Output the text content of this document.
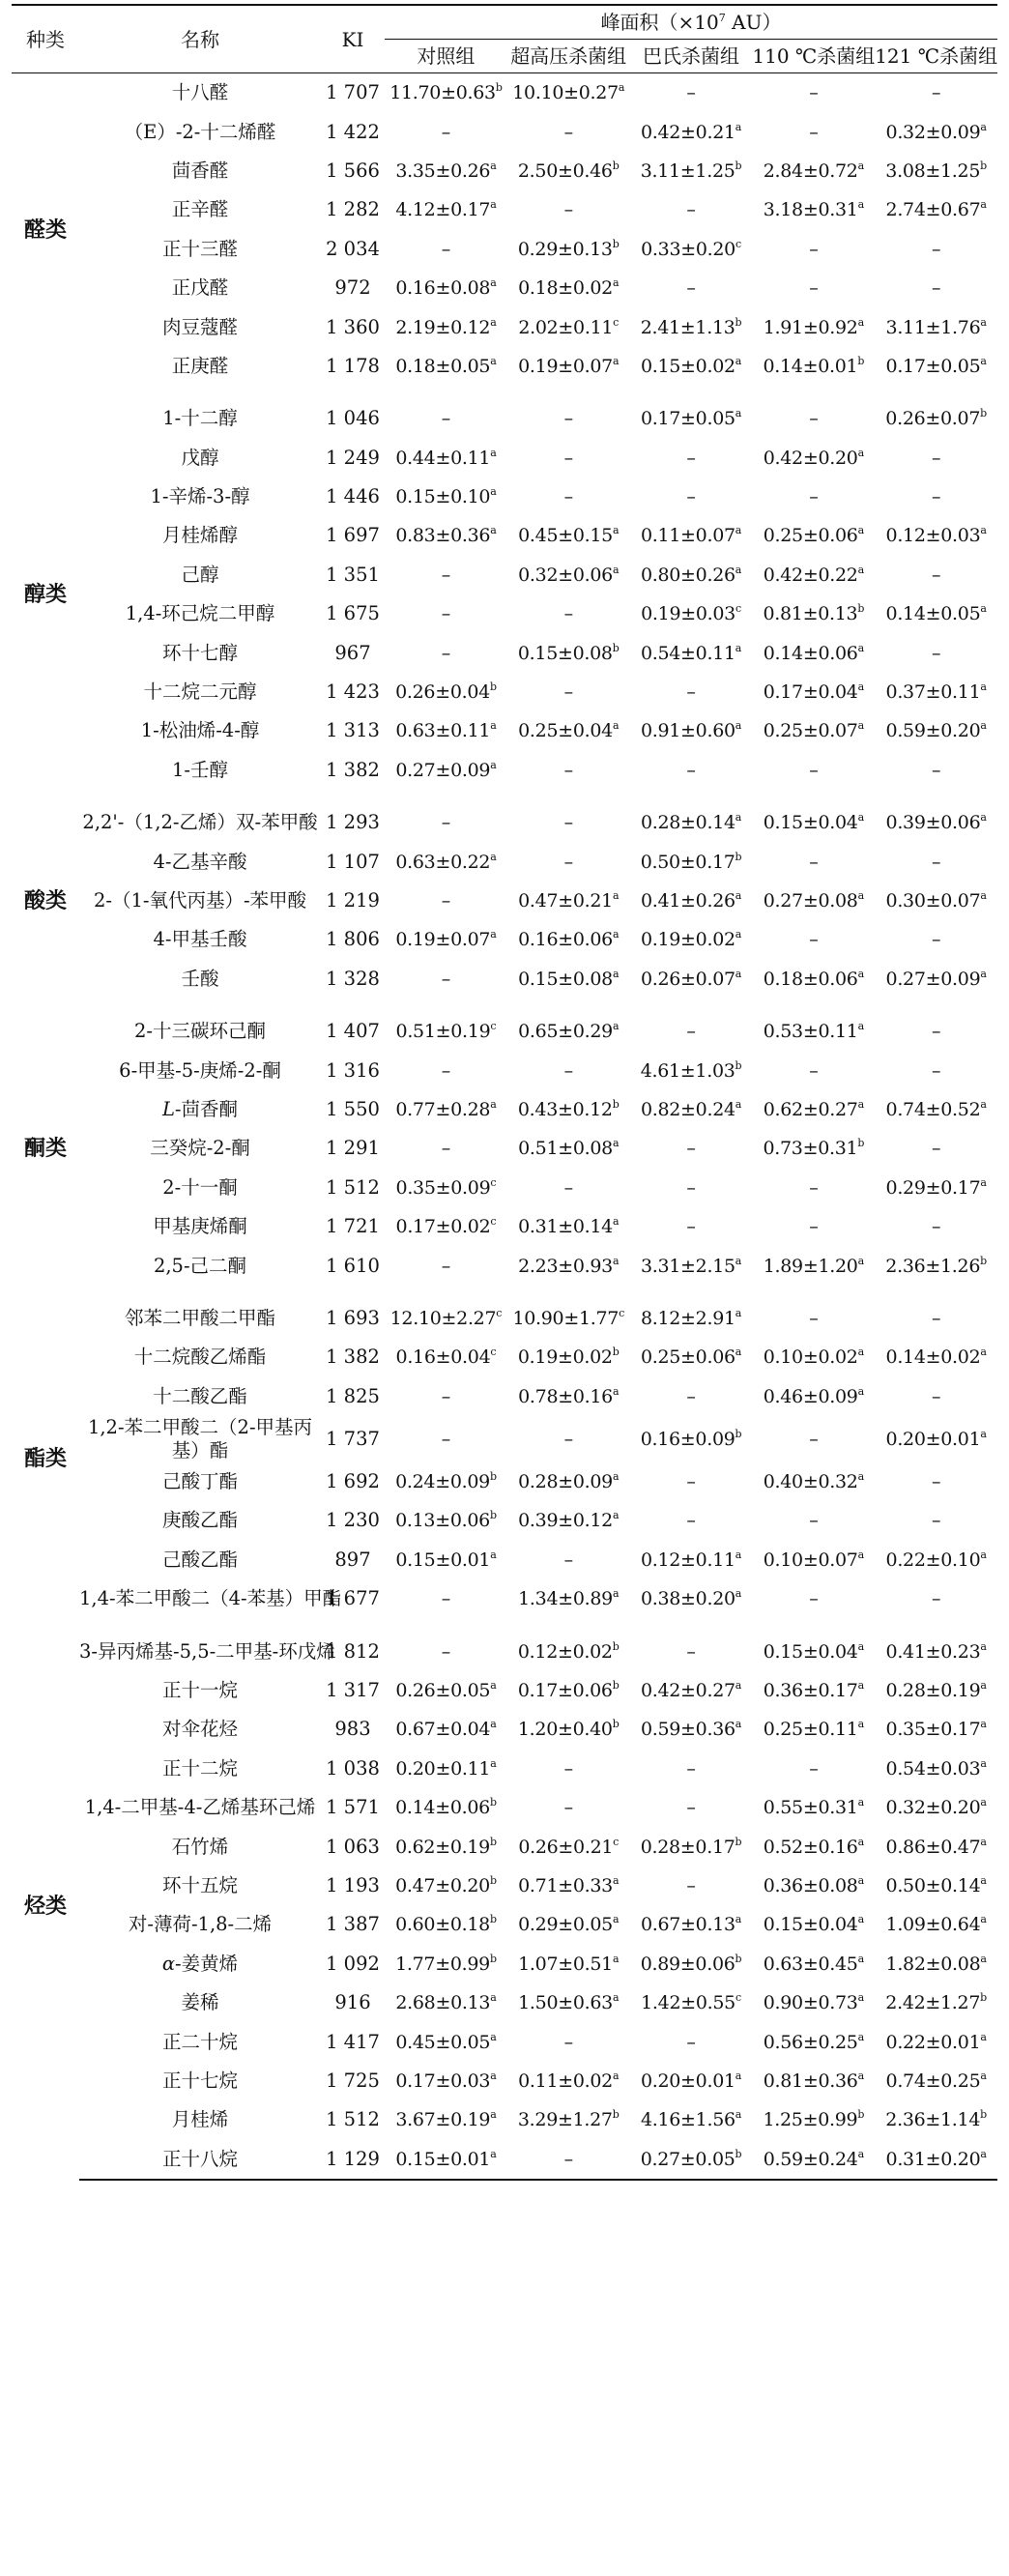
种类	名称	KI	峰面积（$\times 10^7$ AU）				
			对照组	超高压杀菌组	巴氏杀菌组	110 ℃杀菌组	121 ℃杀菌组
醛类	十八醛	1 707	11.70±0.63$^b$	10.10±0.27$^a$	–	–	–
	（E）-2-十二烯醛	1 422	–	–	0.42±0.21$^a$	–	0.32±0.09$^a$
	茴香醛	1 566	3.35±0.26$^a$	2.50±0.46$^b$	3.11±1.25$^b$	2.84±0.72$^a$	3.08±1.25$^b$
	正辛醛	1 282	4.12±0.17$^a$	–	–	3.18±0.31$^a$	2.74±0.67$^a$
	正十三醛	2 034	–	0.29±0.13$^b$	0.33±0.20$^c$	–	–
	正戊醛	972	0.16±0.08$^a$	0.18±0.02$^a$	–	–	–
	肉豆蔻醛	1 360	2.19±0.12$^a$	2.02±0.11$^c$	2.41±1.13$^b$	1.91±0.92$^a$	3.11±1.76$^a$
	正庚醛	1 178	0.18±0.05$^a$	0.19±0.07$^a$	0.15±0.02$^a$	0.14±0.01$^b$	0.17±0.05$^a$
醇类	1-十二醇	1 046	–	–	0.17±0.05$^a$	–	0.26±0.07$^b$
	戊醇	1 249	0.44±0.11$^a$	–	–	0.42±0.20$^a$	–
	1-辛烯-3-醇	1 446	0.15±0.10$^a$	–	–	–	–
	月桂烯醇	1 697	0.83±0.36$^a$	0.45±0.15$^a$	0.11±0.07$^a$	0.25±0.06$^a$	0.12±0.03$^a$
	己醇	1 351	–	0.32±0.06$^a$	0.80±0.26$^a$	0.42±0.22$^a$	–
	1,4-环己烷二甲醇	1 675	–	–	0.19±0.03$^c$	0.81±0.13$^b$	0.14±0.05$^a$
	环十七醇	967	–	0.15±0.08$^b$	0.54±0.11$^a$	0.14±0.06$^a$	–
	十二烷二元醇	1 423	0.26±0.04$^b$	–	–	0.17±0.04$^a$	0.37±0.11$^a$
	1-松油烯-4-醇	1 313	0.63±0.11$^a$	0.25±0.04$^a$	0.91±0.60$^a$	0.25±0.07$^a$	0.59±0.20$^a$
	1-壬醇	1 382	0.27±0.09$^a$	–	–	–	–
酸类	2,2'-（1,2-乙烯）双-苯甲酸	1 293	–	–	0.28±0.14$^a$	0.15±0.04$^a$	0.39±0.06$^a$
	4-乙基辛酸	1 107	0.63±0.22$^a$	–	0.50±0.17$^b$	–	–
	2-（1-氧代丙基）-苯甲酸	1 219	–	0.47±0.21$^a$	0.41±0.26$^a$	0.27±0.08$^a$	0.30±0.07$^a$
	4-甲基壬酸	1 806	0.19±0.07$^a$	0.16±0.06$^a$	0.19±0.02$^a$	–	–
	壬酸	1 328	–	0.15±0.08$^a$	0.26±0.07$^a$	0.18±0.06$^a$	0.27±0.09$^a$
酮类	2-十三碳环己酮	1 407	0.51±0.19$^c$	0.65±0.29$^a$	–	0.53±0.11$^a$	–
	6-甲基-5-庚烯-2-酮	1 316	–	–	4.61±1.03$^b$	–	–
	L-茴香酮	1 550	0.77±0.28$^a$	0.43±0.12$^b$	0.82±0.24$^a$	0.62±0.27$^a$	0.74±0.52$^a$
	三癸烷-2-酮	1 291	–	0.51±0.08$^a$	–	0.73±0.31$^b$	–
	2-十一酮	1 512	0.35±0.09$^c$	–	–	–	0.29±0.17$^a$
	甲基庚烯酮	1 721	0.17±0.02$^c$	0.31±0.14$^a$	–	–	–
	2,5-己二酮	1 610	–	2.23±0.93$^a$	3.31±2.15$^a$	1.89±1.20$^a$	2.36±1.26$^b$
酯类	邻苯二甲酸二甲酯	1 693	12.10±2.27$^c$	10.90±1.77$^c$	8.12±2.91$^a$	–	–
	十二烷酸乙烯酯	1 382	0.16±0.04$^c$	0.19±0.02$^b$	0.25±0.06$^a$	0.10±0.02$^a$	0.14±0.02$^a$
	十二酸乙酯	1 825	–	0.78±0.16$^a$	–	0.46±0.09$^a$	–
	1,2-苯二甲酸二（2-甲基丙基）酯	1 737	–	–	0.16±0.09$^b$	–	0.20±0.01$^a$
	己酸丁酯	1 692	0.24±0.09$^b$	0.28±0.09$^a$	–	0.40±0.32$^a$	–
	庚酸乙酯	1 230	0.13±0.06$^b$	0.39±0.12$^a$	–	–	–
	己酸乙酯	897	0.15±0.01$^a$	–	0.12±0.11$^a$	0.10±0.07$^a$	0.22±0.10$^a$
	1,4-苯二甲酸二（4-苯基）甲酯	1 677	–	1.34±0.89$^a$	0.38±0.20$^a$	–	–
烃类	3-异丙烯基-5,5-二甲基-环戊烯	1 812	–	0.12±0.02$^b$	–	0.15±0.04$^a$	0.41±0.23$^a$
	正十一烷	1 317	0.26±0.05$^a$	0.17±0.06$^b$	0.42±0.27$^a$	0.36±0.17$^a$	0.28±0.19$^a$
	对伞花烃	983	0.67±0.04$^a$	1.20±0.40$^b$	0.59±0.36$^a$	0.25±0.11$^a$	0.35±0.17$^a$
	正十二烷	1 038	0.20±0.11$^a$	–	–	–	0.54±0.03$^a$
	1,4-二甲基-4-乙烯基环己烯	1 571	0.14±0.06$^b$	–	–	0.55±0.31$^a$	0.32±0.20$^a$
	石竹烯	1 063	0.62±0.19$^b$	0.26±0.21$^c$	0.28±0.17$^b$	0.52±0.16$^a$	0.86±0.47$^a$
	环十五烷	1 193	0.47±0.20$^b$	0.71±0.33$^a$	–	0.36±0.08$^a$	0.50±0.14$^a$
	对-薄荷-1,8-二烯	1 387	0.60±0.18$^b$	0.29±0.05$^a$	0.67±0.13$^a$	0.15±0.04$^a$	1.09±0.64$^a$
	α-姜黄烯	1 092	1.77±0.99$^b$	1.07±0.51$^a$	0.89±0.06$^b$	0.63±0.45$^a$	1.82±0.08$^a$
	姜稀	916	2.68±0.13$^a$	1.50±0.63$^a$	1.42±0.55$^c$	0.90±0.73$^a$	2.42±1.27$^b$
	正二十烷	1 417	0.45±0.05$^a$	–	–	0.56±0.25$^a$	0.22±0.01$^a$
	正十七烷	1 725	0.17±0.03$^a$	0.11±0.02$^a$	0.20±0.01$^a$	0.81±0.36$^a$	0.74±0.25$^a$
	月桂烯	1 512	3.67±0.19$^a$	3.29±1.27$^b$	4.16±1.56$^a$	1.25±0.99$^b$	2.36±1.14$^b$
	正十八烷	1 129	0.15±0.01$^a$	–	0.27±0.05$^b$	0.59±0.24$^a$	0.31±0.20$^a$
